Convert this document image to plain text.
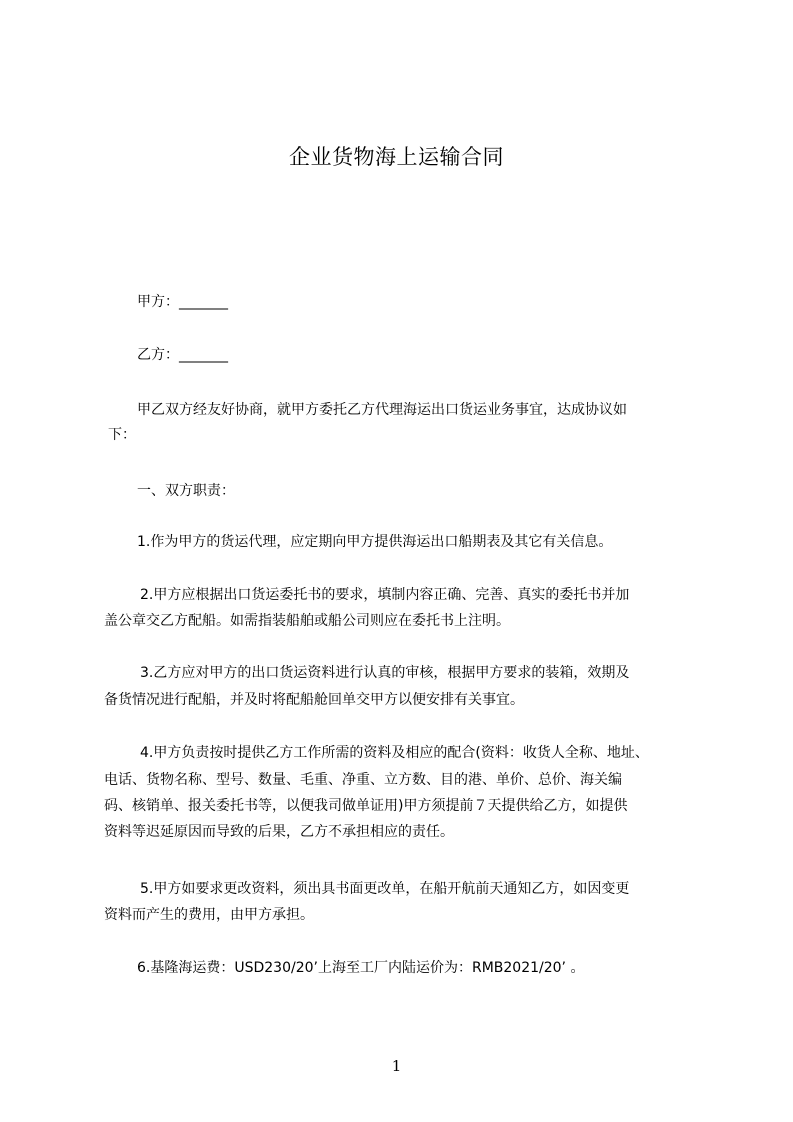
企业货物海上运输合同
甲方：_______
乙方：_______
甲乙双方经友好协商，就甲方委托乙方代理海运出口货运业务事宜，达成协议如
下：
一、双方职责：
1.作为甲方的货运代理，应定期向甲方提供海运出口船期表及其它有关信息。
2.甲方应根据出口货运委托书的要求，填制内容正确、完善、真实的委托书并加
盖公章交乙方配船。如需指装船舶或船公司则应在委托书上注明。
3.乙方应对甲方的出口货运资料进行认真的审核，根据甲方要求的装箱，效期及
备货情况进行配船，并及时将配船舱回单交甲方以便安排有关事宜。
4.甲方负责按时提供乙方工作所需的资料及相应的配合(资料：收货人全称、地址、
电话、货物名称、型号、数量、毛重、净重、立方数、目的港、单价、总价、海关编
码、核销单、报关委托书等，以便我司做单证用)甲方须提前７天提供给乙方，如提供
资料等迟延原因而导致的后果，乙方不承担相应的责任。
5.甲方如要求更改资料，须出具书面更改单，在船开航前天通知乙方，如因变更
资料而产生的费用，由甲方承担。
6.基隆海运费：USD230/20’上海至工厂内陆运价为：RMB2021/20’ 。
1
